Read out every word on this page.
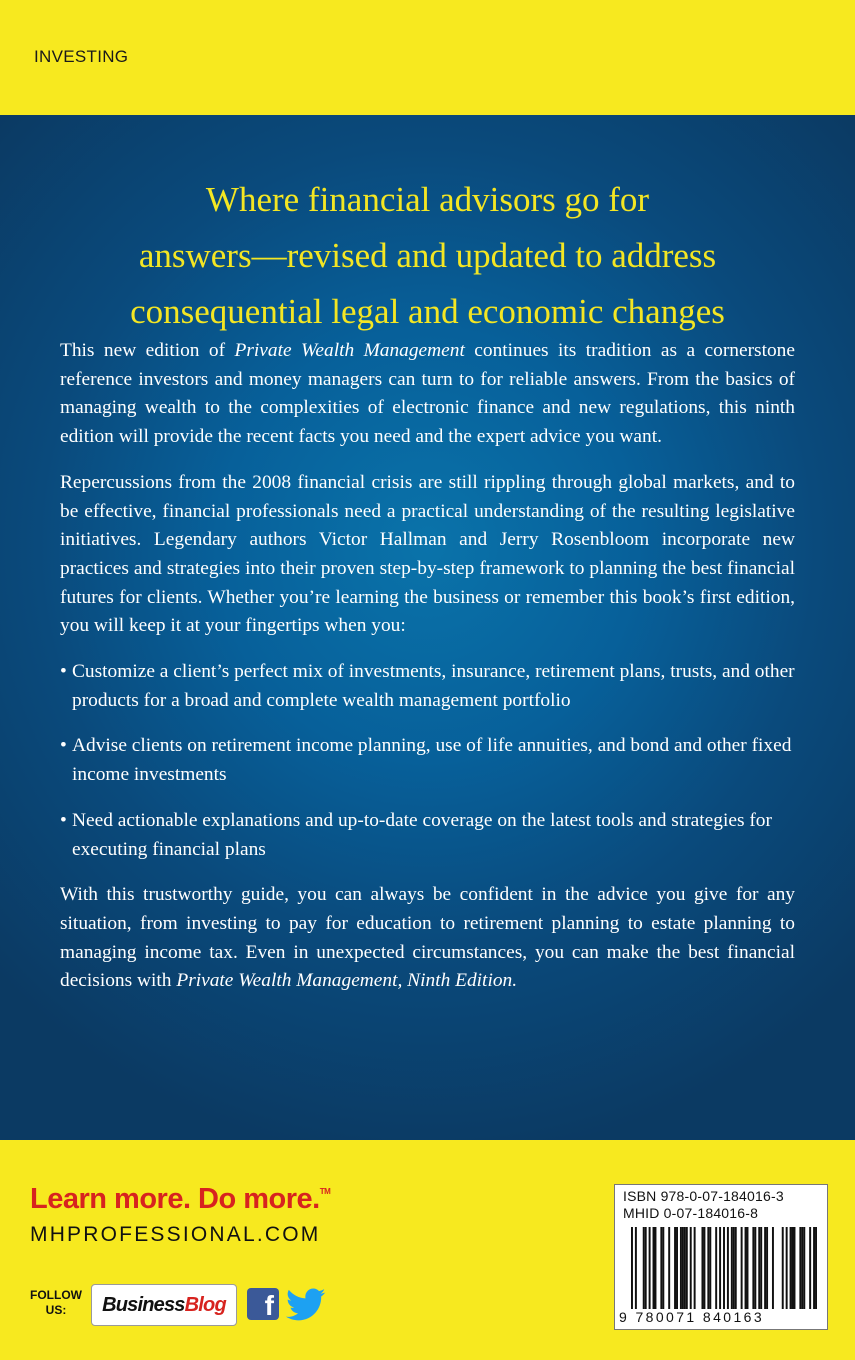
INVESTING
Where financial advisors go for
answers—revised and updated to address
consequential legal and economic changes

This new edition of Private Wealth Management continues its tradition as a cornerstone reference investors and money managers can turn to for reliable answers. From the basics of managing wealth to the complexities of electronic finance and new regulations, this ninth edition will provide the recent facts you need and the expert advice you want.

Repercussions from the 2008 financial crisis are still rippling through global markets, and to be effective, financial professionals need a practical understanding of the resulting legislative initiatives. Legendary authors Victor Hallman and Jerry Rosenbloom incorporate new practices and strategies into their proven step-by-step framework to planning the best financial futures for clients. Whether you’re learning the business or remember this book’s first edition, you will keep it at your fingertips when you:

• Customize a client’s perfect mix of investments, insurance, retirement plans, trusts, and other products for a broad and complete wealth management portfolio
• Advise clients on retirement income planning, use of life annuities, and bond and other fixed income investments
• Need actionable explanations and up-to-date coverage on the latest tools and strategies for executing financial plans

With this trustworthy guide, you can always be confident in the advice you give for any situation, from investing to pay for education to retirement planning to estate planning to managing income tax. Even in unexpected circumstances, you can make the best financial decisions with Private Wealth Management, Ninth Edition.

Learn more. Do more.™
MHPROFESSIONAL.COM
FOLLOW US:	Business Blog	f
ISBN 978-0-07-184016-3
MHID 0-07-184016-8
9 780071 840163
